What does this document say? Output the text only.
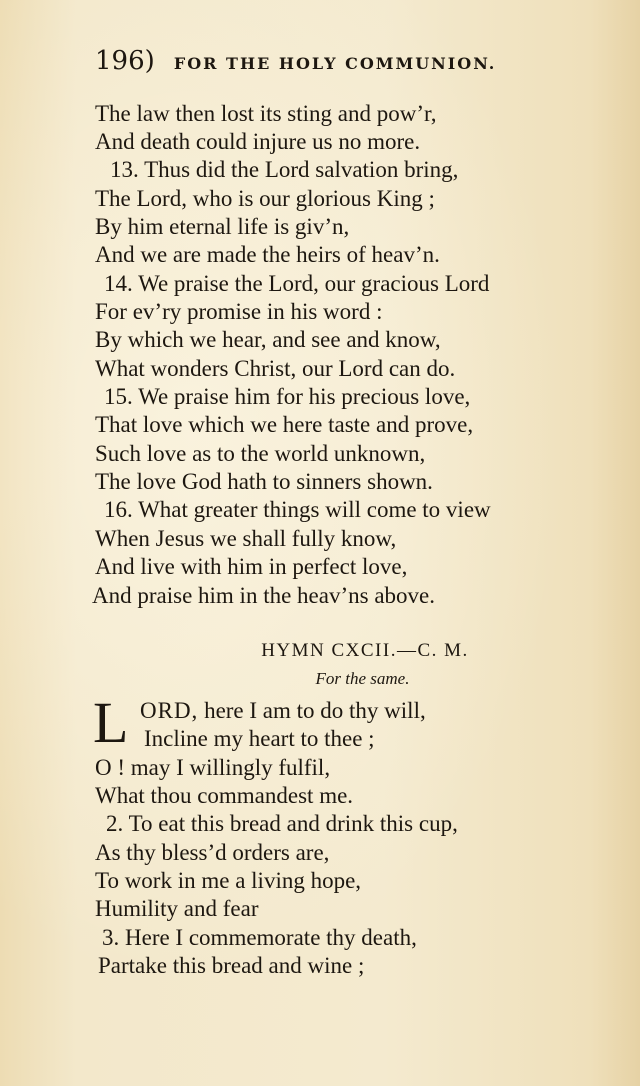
196) FOR THE HOLY COMMUNION.
The law then lost its sting and pow’r,
And death could injure us no more.
13. Thus did the Lord salvation bring,
The Lord, who is our glorious King ;
By him eternal life is giv’n,
And we are made the heirs of heav’n.
14. We praise the Lord, our gracious Lord
For ev’ry promise in his word :
By which we hear, and see and know,
What wonders Christ, our Lord can do.
15. We praise him for his precious love,
That love which we here taste and prove,
Such love as to the world unknown,
The love God hath to sinners shown.
16. What greater things will come to view
When Jesus we shall fully know,
And live with him in perfect love,
And praise him in the heav’ns above.
HYMN CXCII.—C. M.
For the same.
L ORD, here I am to do thy will,
Incline my heart to thee ;
O ! may I willingly fulfil,
What thou commandest me.
2. To eat this bread and drink this cup,
As thy bless’d orders are,
To work in me a living hope,
Humility and fear
3. Here I commemorate thy death,
Partake this bread and wine ;
